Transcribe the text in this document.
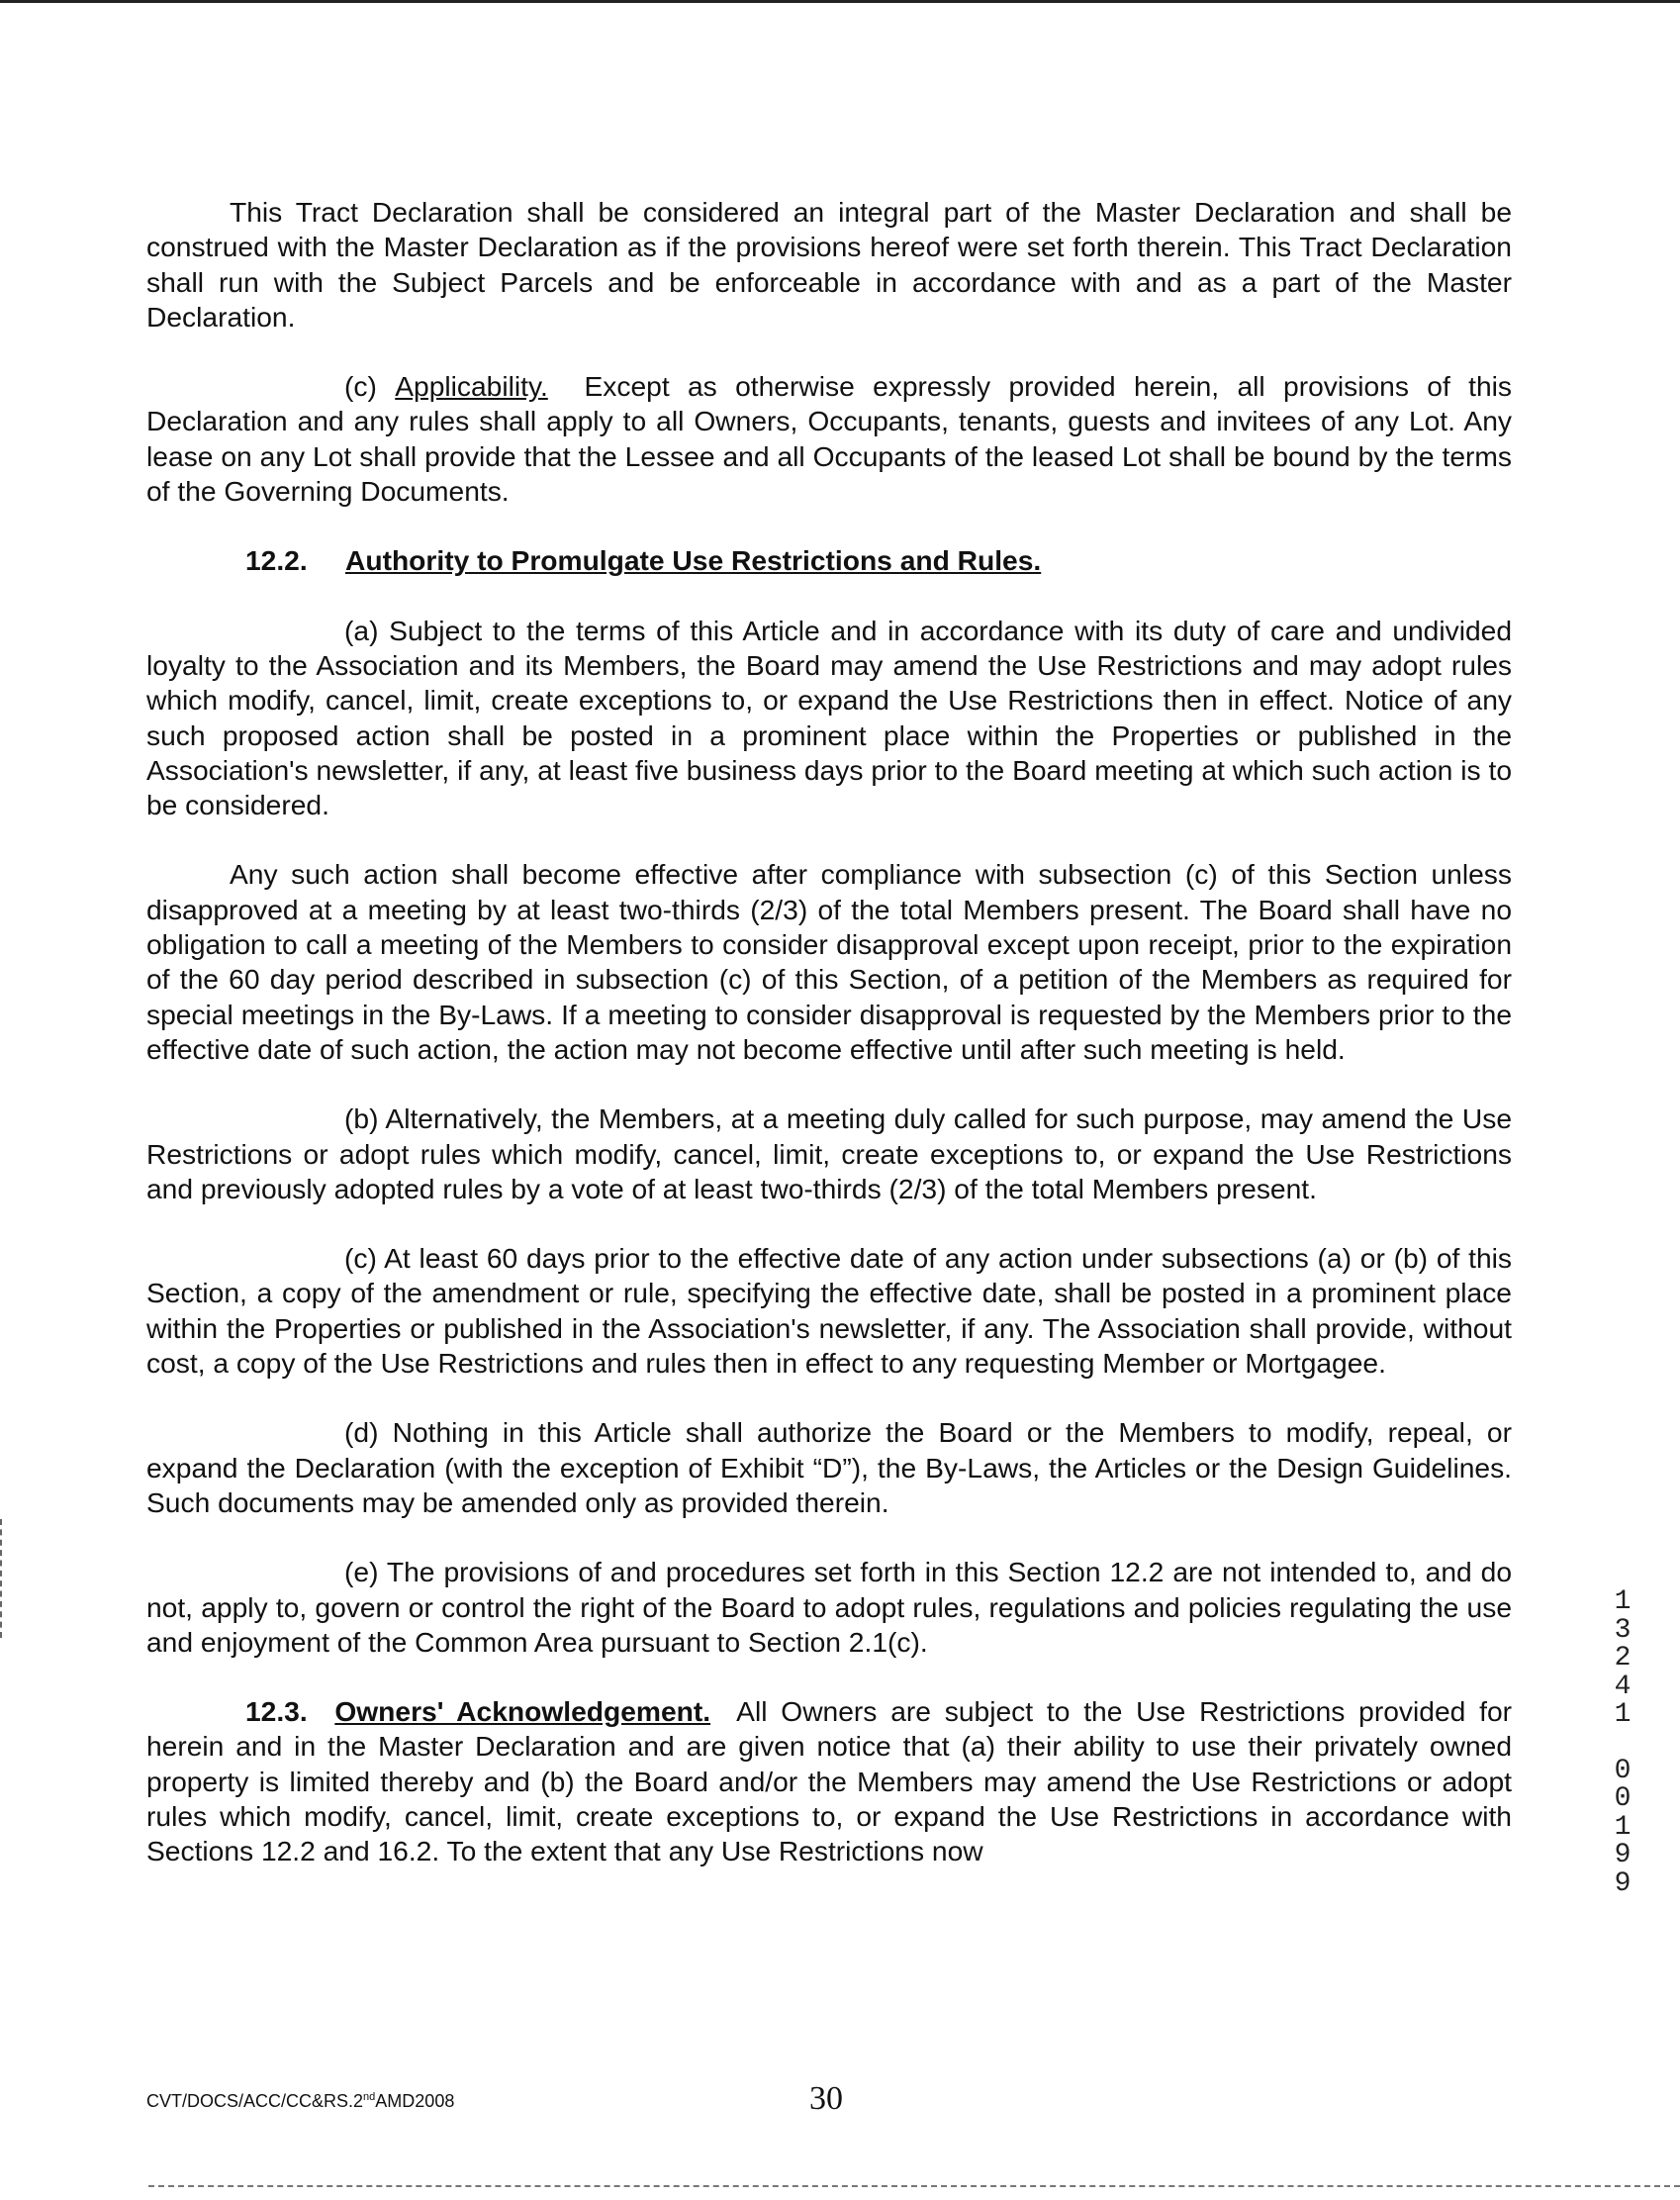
This Tract Declaration shall be considered an integral part of the Master Declaration and shall be construed with the Master Declaration as if the provisions hereof were set forth therein. This Tract Declaration shall run with the Subject Parcels and be enforceable in accordance with and as a part of the Master Declaration.

(c) Applicability. Except as otherwise expressly provided herein, all provisions of this Declaration and any rules shall apply to all Owners, Occupants, tenants, guests and invitees of any Lot. Any lease on any Lot shall provide that the Lessee and all Occupants of the leased Lot shall be bound by the terms of the Governing Documents.

12.2. Authority to Promulgate Use Restrictions and Rules.

(a) Subject to the terms of this Article and in accordance with its duty of care and undivided loyalty to the Association and its Members, the Board may amend the Use Restrictions and may adopt rules which modify, cancel, limit, create exceptions to, or expand the Use Restrictions then in effect. Notice of any such proposed action shall be posted in a prominent place within the Properties or published in the Association's newsletter, if any, at least five business days prior to the Board meeting at which such action is to be considered.

Any such action shall become effective after compliance with subsection (c) of this Section unless disapproved at a meeting by at least two-thirds (2/3) of the total Members present. The Board shall have no obligation to call a meeting of the Members to consider disapproval except upon receipt, prior to the expiration of the 60 day period described in subsection (c) of this Section, of a petition of the Members as required for special meetings in the By-Laws. If a meeting to consider disapproval is requested by the Members prior to the effective date of such action, the action may not become effective until after such meeting is held.

(b) Alternatively, the Members, at a meeting duly called for such purpose, may amend the Use Restrictions or adopt rules which modify, cancel, limit, create exceptions to, or expand the Use Restrictions and previously adopted rules by a vote of at least two-thirds (2/3) of the total Members present.

(c) At least 60 days prior to the effective date of any action under subsections (a) or (b) of this Section, a copy of the amendment or rule, specifying the effective date, shall be posted in a prominent place within the Properties or published in the Association's newsletter, if any. The Association shall provide, without cost, a copy of the Use Restrictions and rules then in effect to any requesting Member or Mortgagee.

(d) Nothing in this Article shall authorize the Board or the Members to modify, repeal, or expand the Declaration (with the exception of Exhibit “D”), the By-Laws, the Articles or the Design Guidelines. Such documents may be amended only as provided therein.

(e) The provisions of and procedures set forth in this Section 12.2 are not intended to, and do not, apply to, govern or control the right of the Board to adopt rules, regulations and policies regulating the use and enjoyment of the Common Area pursuant to Section 2.1(c).

12.3. Owners' Acknowledgement. All Owners are subject to the Use Restrictions provided for herein and in the Master Declaration and are given notice that (a) their ability to use their privately owned property is limited thereby and (b) the Board and/or the Members may amend the Use Restrictions or adopt rules which modify, cancel, limit, create exceptions to, or expand the Use Restrictions in accordance with Sections 12.2 and 16.2. To the extent that any Use Restrictions now

CVT/DOCS/ACC/CC&RS.2ndAMD2008	30
1
3
2
4
1
0
0
1
9
9
